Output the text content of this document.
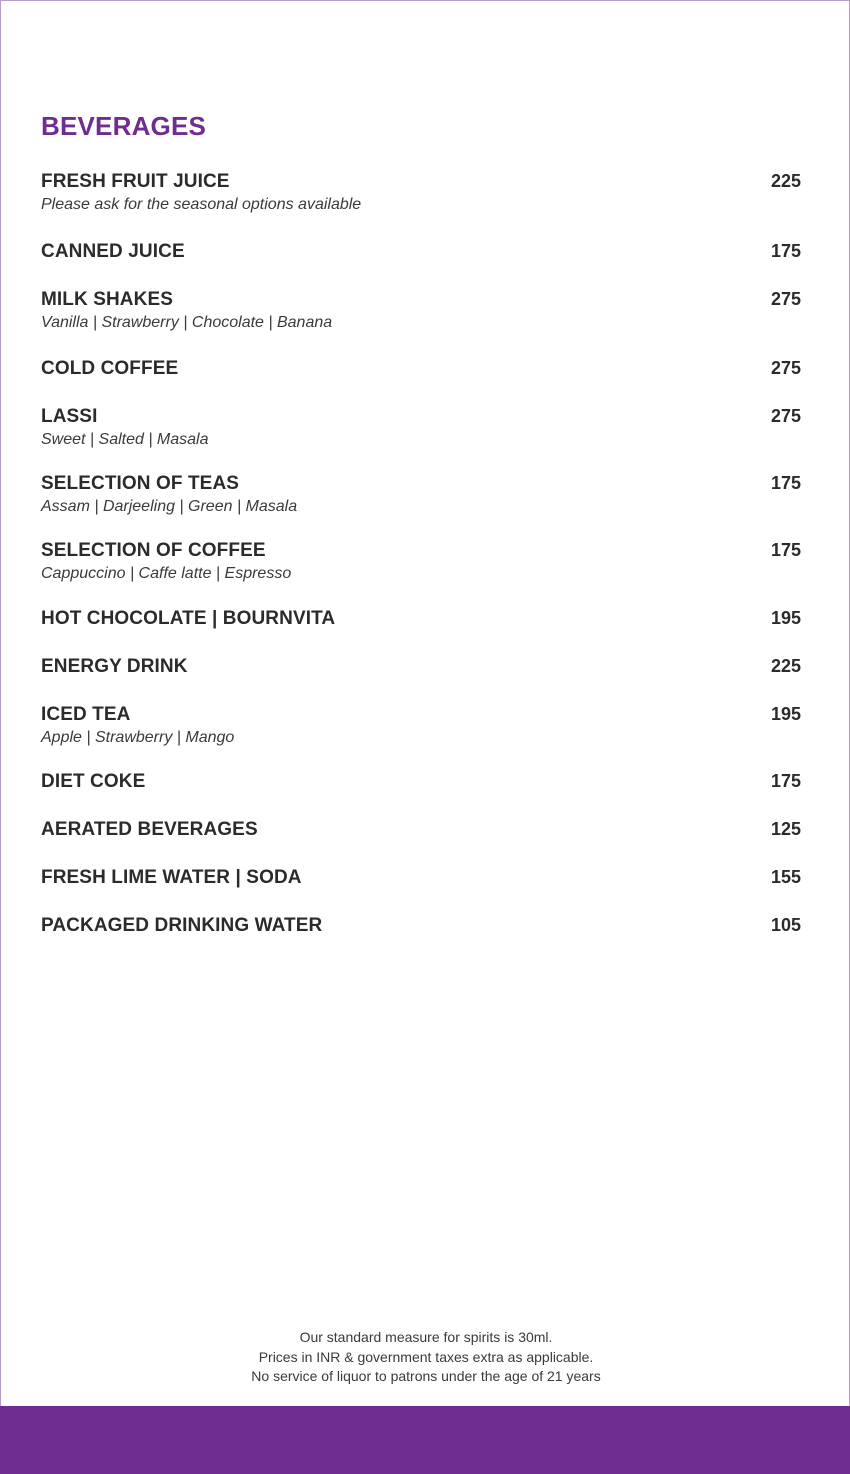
BEVERAGES
FRESH FRUIT JUICE	225
Please ask for the seasonal options available
CANNED JUICE	175
MILK SHAKES	275
Vanilla | Strawberry | Chocolate | Banana
COLD COFFEE	275
LASSI	275
Sweet | Salted | Masala
SELECTION OF TEAS	175
Assam | Darjeeling | Green | Masala
SELECTION OF COFFEE	175
Cappuccino | Caffe latte | Espresso
HOT CHOCOLATE | BOURNVITA	195
ENERGY DRINK	225
ICED TEA	195
Apple | Strawberry | Mango
DIET COKE	175
AERATED BEVERAGES	125
FRESH LIME WATER | SODA	155
PACKAGED DRINKING WATER	105
Our standard measure for spirits is 30ml.
Prices in INR & government taxes extra as applicable.
No service of liquor to patrons under the age of 21 years
